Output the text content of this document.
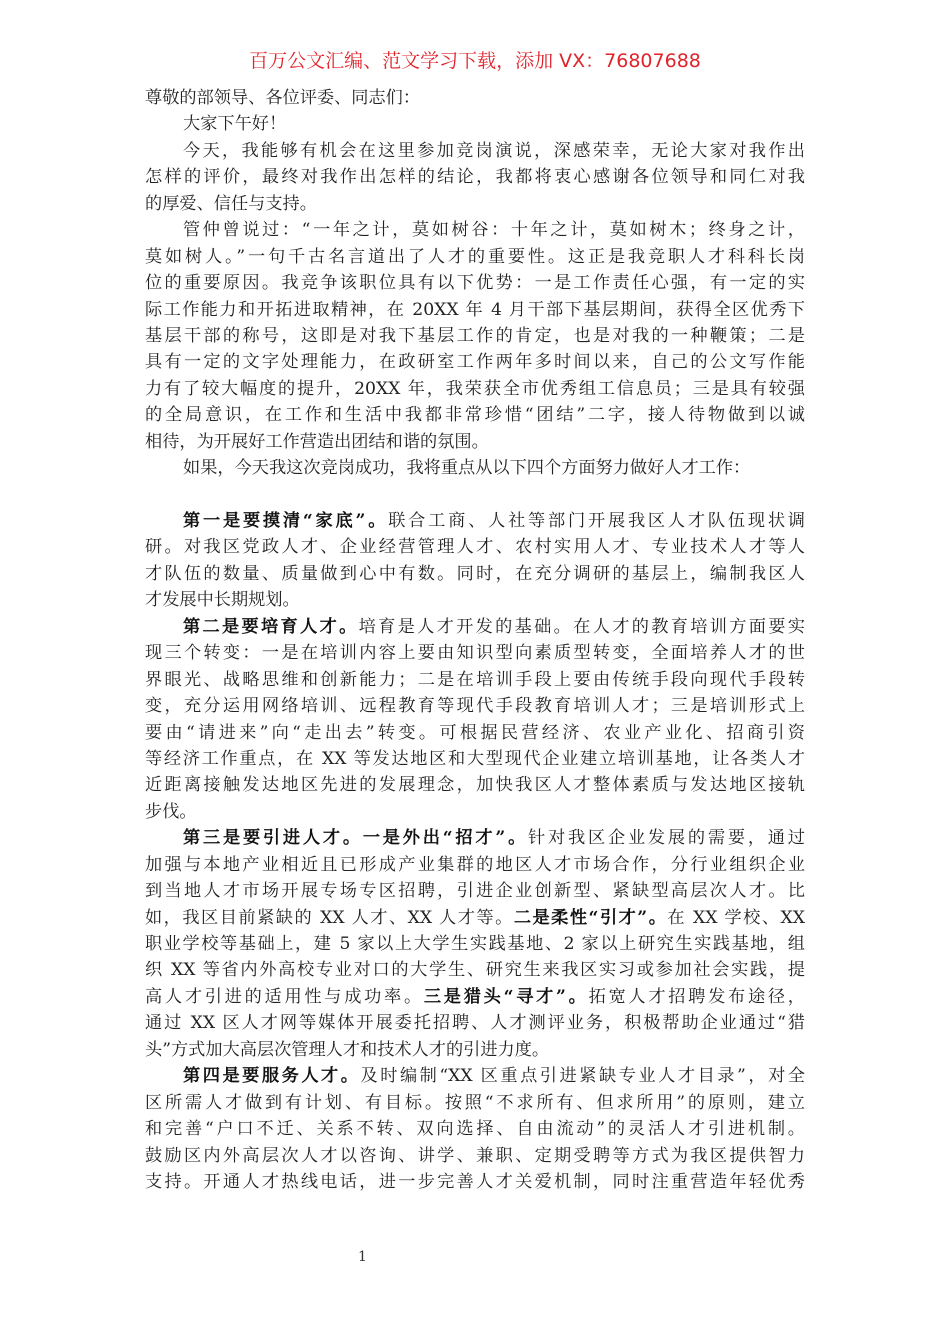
百万公文汇编、范文学习下载，添加 VX：76807688
尊敬的部领导、各位评委、同志们：
大家下午好！
今天，我能够有机会在这里参加竞岗演说，深感荣幸，无论大家对我作出
怎样的评价，最终对我作出怎样的结论，我都将衷心感谢各位领导和同仁对我
的厚爱、信任与支持。
管仲曾说过：“一年之计，莫如树谷：十年之计，莫如树木；终身之计，
莫如树人。”一句千古名言道出了人才的重要性。这正是我竞职人才科科长岗
位的重要原因。我竞争该职位具有以下优势：一是工作责任心强，有一定的实
际工作能力和开拓进取精神，在 20XX 年 4 月干部下基层期间，获得全区优秀下
基层干部的称号，这即是对我下基层工作的肯定，也是对我的一种鞭策；二是
具有一定的文字处理能力，在政研室工作两年多时间以来，自己的公文写作能
力有了较大幅度的提升，20XX 年，我荣获全市优秀组工信息员；三是具有较强
的全局意识，在工作和生活中我都非常珍惜“团结”二字，接人待物做到以诚
相待，为开展好工作营造出团结和谐的氛围。
如果，今天我这次竞岗成功，我将重点从以下四个方面努力做好人才工作：
第一是要摸清“家底”。联合工商、人社等部门开展我区人才队伍现状调
研。对我区党政人才、企业经营管理人才、农村实用人才、专业技术人才等人
才队伍的数量、质量做到心中有数。同时，在充分调研的基层上，编制我区人
才发展中长期规划。
第二是要培育人才。培育是人才开发的基础。在人才的教育培训方面要实
现三个转变：一是在培训内容上要由知识型向素质型转变，全面培养人才的世
界眼光、战略思维和创新能力；二是在培训手段上要由传统手段向现代手段转
变，充分运用网络培训、远程教育等现代手段教育培训人才；三是培训形式上
要由“请进来”向“走出去”转变。可根据民营经济、农业产业化、招商引资
等经济工作重点，在 XX 等发达地区和大型现代企业建立培训基地，让各类人才
近距离接触发达地区先进的发展理念，加快我区人才整体素质与发达地区接轨
步伐。
第三是要引进人才。一是外出“招才”。针对我区企业发展的需要，通过
加强与本地产业相近且已形成产业集群的地区人才市场合作，分行业组织企业
到当地人才市场开展专场专区招聘，引进企业创新型、紧缺型高层次人才。比
如，我区目前紧缺的 XX 人才、XX 人才等。二是柔性“引才”。在 XX 学校、XX
职业学校等基础上，建 5 家以上大学生实践基地、2 家以上研究生实践基地，组
织 XX 等省内外高校专业对口的大学生、研究生来我区实习或参加社会实践，提
高人才引进的适用性与成功率。三是猎头“寻才”。拓宽人才招聘发布途径，
通过 XX 区人才网等媒体开展委托招聘、人才测评业务，积极帮助企业通过“猎
头”方式加大高层次管理人才和技术人才的引进力度。
第四是要服务人才。及时编制“XX 区重点引进紧缺专业人才目录”，对全
区所需人才做到有计划、有目标。按照“不求所有、但求所用”的原则，建立
和完善“户口不迁、关系不转、双向选择、自由流动”的灵活人才引进机制。
鼓励区内外高层次人才以咨询、讲学、兼职、定期受聘等方式为我区提供智力
支持。开通人才热线电话，进一步完善人才关爱机制，同时注重营造年轻优秀
1
